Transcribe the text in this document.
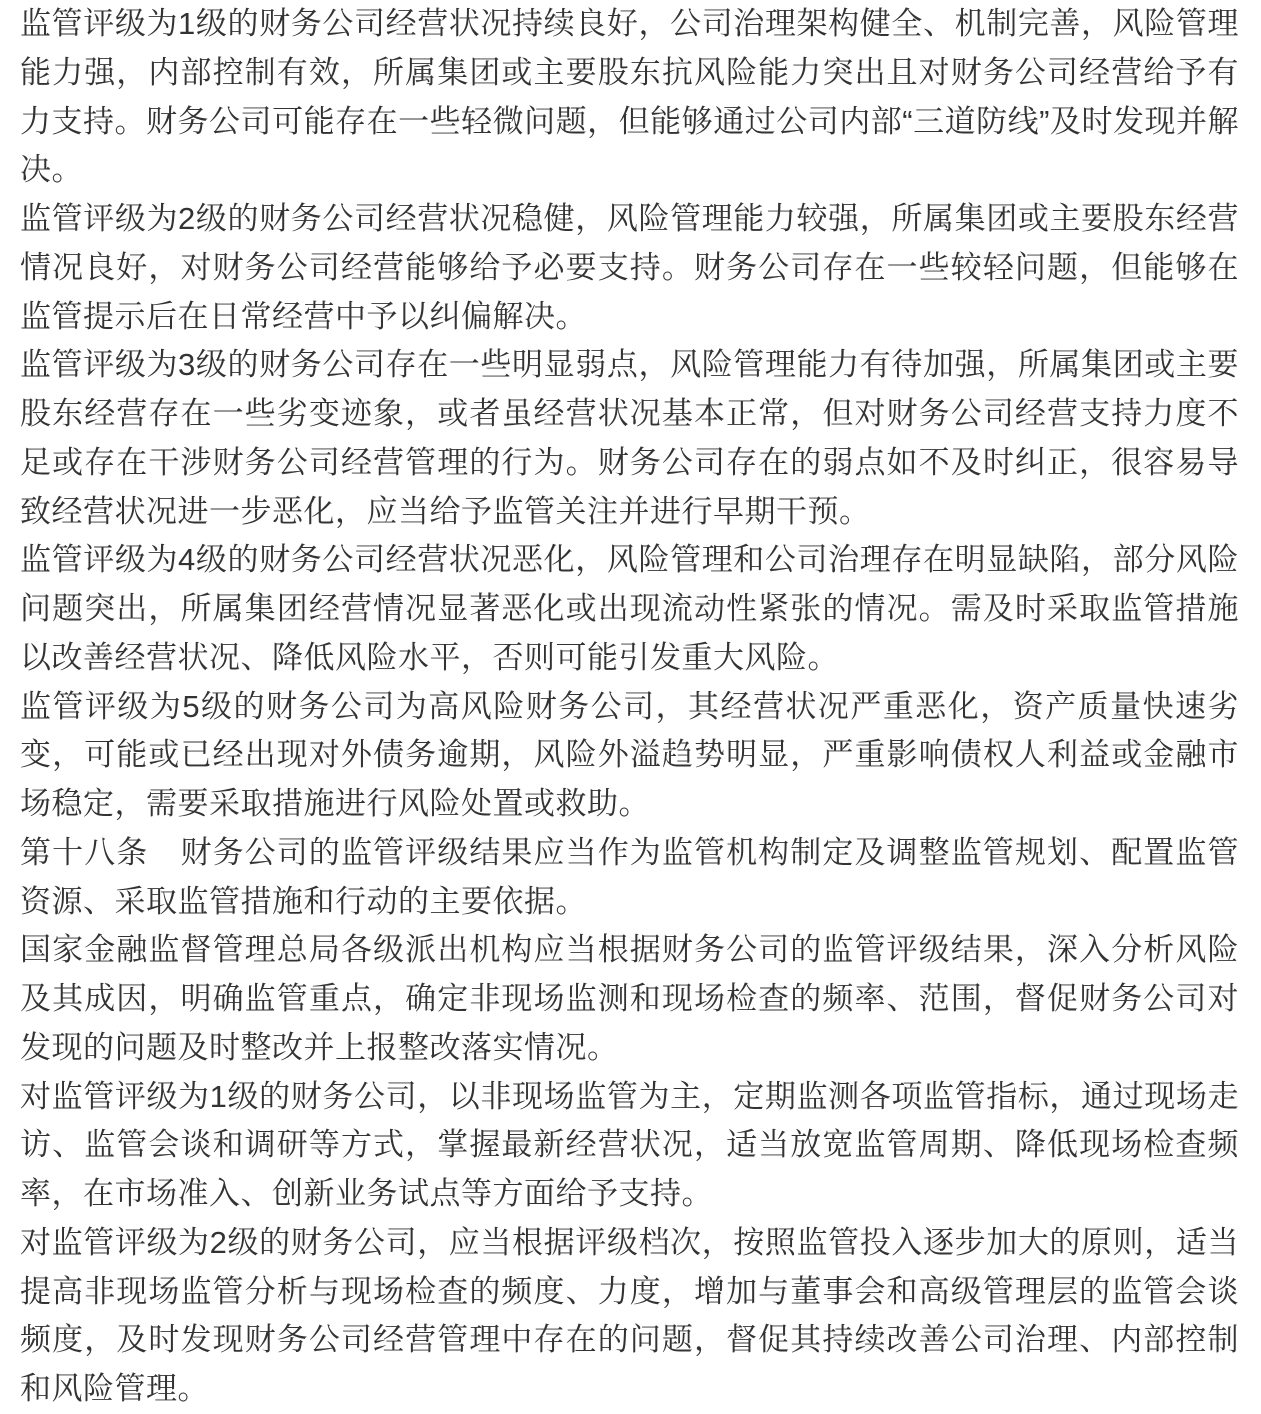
监管评级为1级的财务公司经营状况持续良好，公司治理架构健全、机制完善，风险管理能力强，内部控制有效，所属集团或主要股东抗风险能力突出且对财务公司经营给予有力支持。财务公司可能存在一些轻微问题，但能够通过公司内部“三道防线”及时发现并解决。

监管评级为2级的财务公司经营状况稳健，风险管理能力较强，所属集团或主要股东经营情况良好，对财务公司经营能够给予必要支持。财务公司存在一些较轻问题，但能够在监管提示后在日常经营中予以纠偏解决。

监管评级为3级的财务公司存在一些明显弱点，风险管理能力有待加强，所属集团或主要股东经营存在一些劣变迹象，或者虽经营状况基本正常，但对财务公司经营支持力度不足或存在干涉财务公司经营管理的行为。财务公司存在的弱点如不及时纠正，很容易导致经营状况进一步恶化，应当给予监管关注并进行早期干预。

监管评级为4级的财务公司经营状况恶化，风险管理和公司治理存在明显缺陷，部分风险问题突出，所属集团经营情况显著恶化或出现流动性紧张的情况。需及时采取监管措施以改善经营状况、降低风险水平，否则可能引发重大风险。

监管评级为5级的财务公司为高风险财务公司，其经营状况严重恶化，资产质量快速劣变，可能或已经出现对外债务逾期，风险外溢趋势明显，严重影响债权人利益或金融市场稳定，需要采取措施进行风险处置或救助。

第十八条　财务公司的监管评级结果应当作为监管机构制定及调整监管规划、配置监管资源、采取监管措施和行动的主要依据。

国家金融监督管理总局各级派出机构应当根据财务公司的监管评级结果，深入分析风险及其成因，明确监管重点，确定非现场监测和现场检查的频率、范围，督促财务公司对发现的问题及时整改并上报整改落实情况。

对监管评级为1级的财务公司，以非现场监管为主，定期监测各项监管指标，通过现场走访、监管会谈和调研等方式，掌握最新经营状况，适当放宽监管周期、降低现场检查频率，在市场准入、创新业务试点等方面给予支持。

对监管评级为2级的财务公司，应当根据评级档次，按照监管投入逐步加大的原则，适当提高非现场监管分析与现场检查的频度、力度，增加与董事会和高级管理层的监管会谈频度，及时发现财务公司经营管理中存在的问题，督促其持续改善公司治理、内部控制和风险管理。
